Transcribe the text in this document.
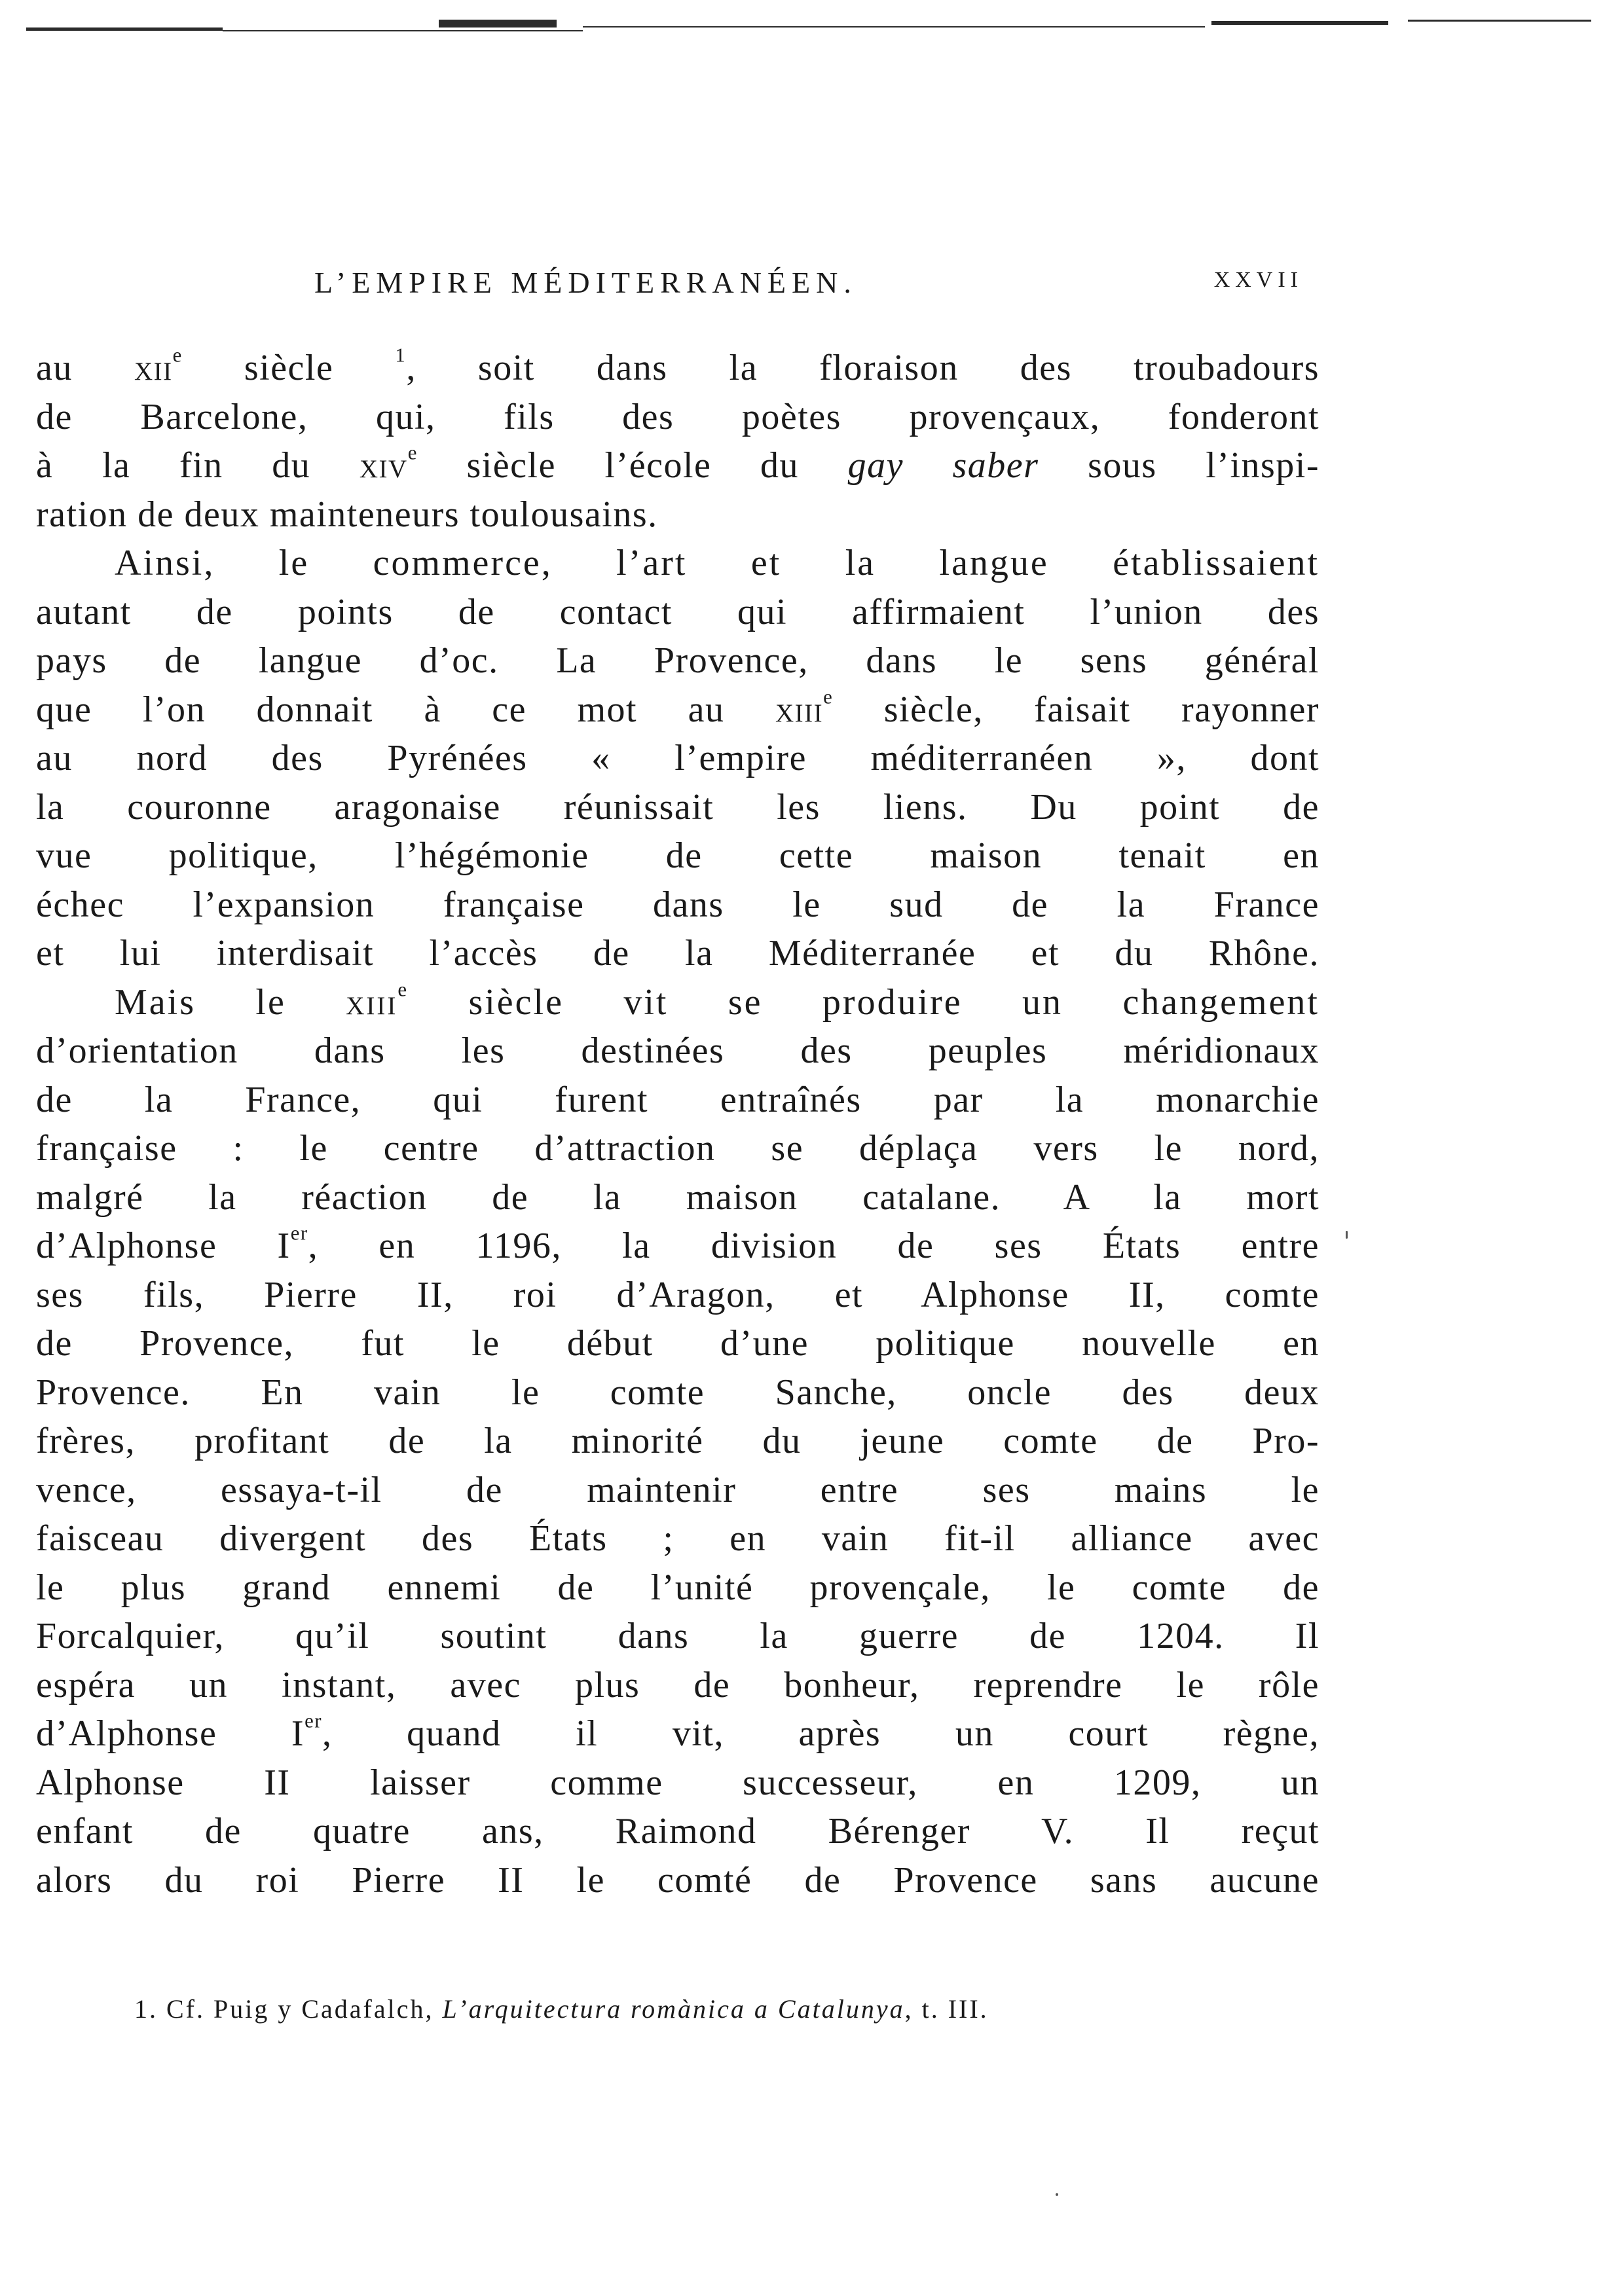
L’EMPIRE MÉDITERRANÉEN.	XXVII
au xii$^e$ siècle $^1$, soit dans la floraison des troubadours
de Barcelone, qui, fils des poètes provençaux, fonderont
à la fin du xiv$^e$ siècle l’école du gay saber sous l’inspi-
ration de deux mainteneurs toulousains.
Ainsi, le commerce, l’art et la langue établissaient
autant de points de contact qui affirmaient l’union des
pays de langue d’oc. La Provence, dans le sens général
que l’on donnait à ce mot au xiii$^e$ siècle, faisait rayonner
au nord des Pyrénées « l’empire méditerranéen », dont
la couronne aragonaise réunissait les liens. Du point de
vue politique, l’hégémonie de cette maison tenait en
échec l’expansion française dans le sud de la France
et lui interdisait l’accès de la Méditerranée et du Rhône.
Mais le xiii$^e$ siècle vit se produire un changement
d’orientation dans les destinées des peuples méridionaux
de la France, qui furent entraînés par la monarchie
française : le centre d’attraction se déplaça vers le nord,
malgré la réaction de la maison catalane. A la mort
d’Alphonse Ier, en 1196, la division de ses États entre
ses fils, Pierre II, roi d’Aragon, et Alphonse II, comte
de Provence, fut le début d’une politique nouvelle en
Provence. En vain le comte Sanche, oncle des deux
frères, profitant de la minorité du jeune comte de Pro-
vence, essaya-t-il de maintenir entre ses mains le
faisceau divergent des États ; en vain fit-il alliance avec
le plus grand ennemi de l’unité provençale, le comte de
Forcalquier, qu’il soutint dans la guerre de 1204. Il
espéra un instant, avec plus de bonheur, reprendre le rôle
d’Alphonse Ier, quand il vit, après un court règne,
Alphonse II laisser comme successeur, en 1209, un
enfant de quatre ans, Raimond Bérenger V. Il reçut
alors du roi Pierre II le comté de Provence sans aucune
1. Cf. Puig y Cadafalch, L’arquitectura romànica a Catalunya, t. III.
